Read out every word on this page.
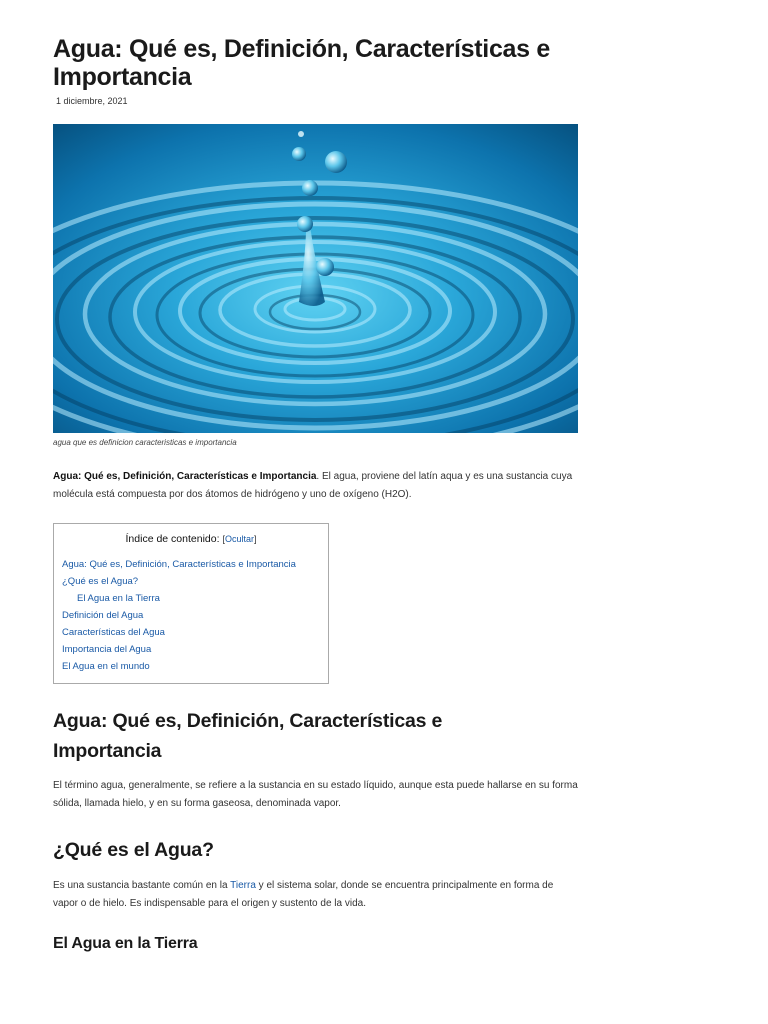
Agua: Qué es, Definición, Características e Importancia
1 diciembre, 2021
agua que es definicion caracteristicas e importancia

Agua: Qué es, Definición, Características e Importancia. El agua, proviene del latín aqua y es una sustancia cuya molécula está compuesta por dos átomos de hidrógeno y uno de oxígeno (H2O).

Índice de contenido: [Ocultar]
Agua: Qué es, Definición, Características e Importancia
¿Qué es el Agua?
El Agua en la Tierra
Definición del Agua
Características del Agua
Importancia del Agua
El Agua en el mundo
Agua: Qué es, Definición, Características e Importancia

El término agua, generalmente, se refiere a la sustancia en su estado líquido, aunque esta puede hallarse en su forma sólida, llamada hielo, y en su forma gaseosa, denominada vapor.

¿Qué es el Agua?

Es una sustancia bastante común en la Tierra y el sistema solar, donde se encuentra principalmente en forma de vapor o de hielo. Es indispensable para el origen y sustento de la vida.

El Agua en la Tierra
